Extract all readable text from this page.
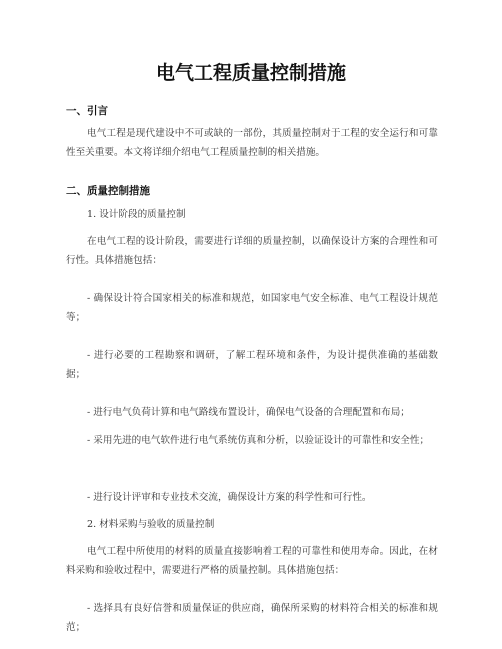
电气工程质量控制措施
一、引言
电气工程是现代建设中不可或缺的一部份，其质量控制对于工程的安全运行和可靠性至关重要。本文将详细介绍电气工程质量控制的相关措施。
二、质量控制措施
1. 设计阶段的质量控制
在电气工程的设计阶段，需要进行详细的质量控制，以确保设计方案的合理性和可行性。具体措施包括：
- 确保设计符合国家相关的标准和规范，如国家电气安全标准、电气工程设计规范等；
- 进行必要的工程勘察和调研，了解工程环境和条件，为设计提供准确的基础数据；
- 进行电气负荷计算和电气路线布置设计，确保电气设备的合理配置和布局；
- 采用先进的电气软件进行电气系统仿真和分析，以验证设计的可靠性和安全性；
- 进行设计评审和专业技术交流，确保设计方案的科学性和可行性。
2. 材料采购与验收的质量控制
电气工程中所使用的材料的质量直接影响着工程的可靠性和使用寿命。因此，在材料采购和验收过程中，需要进行严格的质量控制。具体措施包括：
- 选择具有良好信誉和质量保证的供应商，确保所采购的材料符合相关的标准和规范；
